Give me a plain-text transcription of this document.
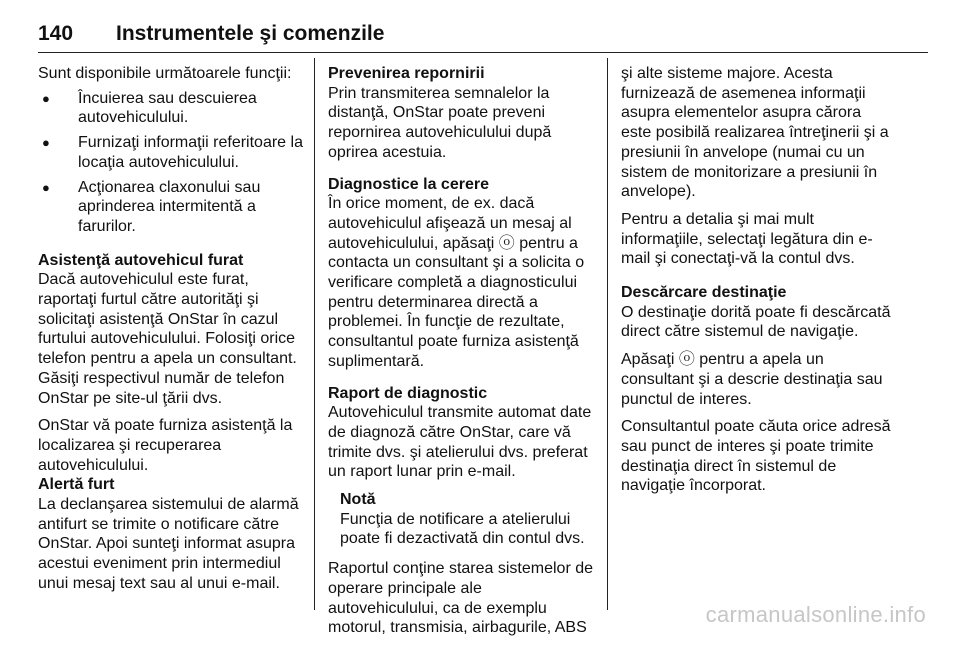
140 Instrumentele şi comenzile

Sunt disponibile următoarele funcţii:

● Încuierea sau descuierea autovehiculului.
● Furnizaţi informaţii referitoare la locaţia autovehiculului.
● Acţionarea claxonului sau aprinderea intermitentă a farurilor.
Asistenţă autovehicul furat

Dacă autovehiculul este furat, raportaţi furtul către autorităţi şi solicitaţi asistenţă OnStar în cazul furtului autovehiculului. Folosiţi orice telefon pentru a apela un consultant. Găsiţi respectivul număr de telefon OnStar pe site-ul ţării dvs.

OnStar vă poate furniza asistenţă la localizarea şi recuperarea autovehiculului.

Alertă furt

La declanşarea sistemului de alarmă antifurt se trimite o notificare către OnStar. Apoi sunteţi informat asupra acestui eveniment prin intermediul unui mesaj text sau al unui e-mail.

Prevenirea repornirii

Prin transmiterea semnalelor la distanţă, OnStar poate preveni repornirea autovehiculului după oprirea acestuia.

Diagnostice la cerere

În orice moment, de ex. dacă autovehiculul afişează un mesaj al autovehiculului, apăsaţi ⓞ pentru a contacta un consultant şi a solicita o verificare completă a diagnosticului pentru determinarea directă a problemei. În funcţie de rezultate, consultantul poate furniza asistenţă suplimentară.

Raport de diagnostic

Autovehiculul transmite automat date de diagnoză către OnStar, care vă trimite dvs. şi atelierului dvs. preferat un raport lunar prin e-mail.

Notă

Funcţia de notificare a atelierului poate fi dezactivată din contul dvs.

Raportul conţine starea sistemelor de operare principale ale autovehiculului, ca de exemplu motorul, transmisia, airbagurile, ABS

şi alte sisteme majore. Acesta furnizează de asemenea informaţii asupra elementelor asupra cărora este posibilă realizarea întreţinerii şi a presiunii în anvelope (numai cu un sistem de monitorizare a presiunii în anvelope).

Pentru a detalia şi mai mult informaţiile, selectaţi legătura din e-mail şi conectaţi-vă la contul dvs.

Descărcare destinaţie

O destinaţie dorită poate fi descărcată direct către sistemul de navigaţie.

Apăsaţi ⓞ pentru a apela un consultant şi a descrie destinaţia sau punctul de interes.

Consultantul poate căuta orice adresă sau punct de interes şi poate trimite destinaţia direct în sistemul de navigaţie încorporat.

carmanualsonline.info
